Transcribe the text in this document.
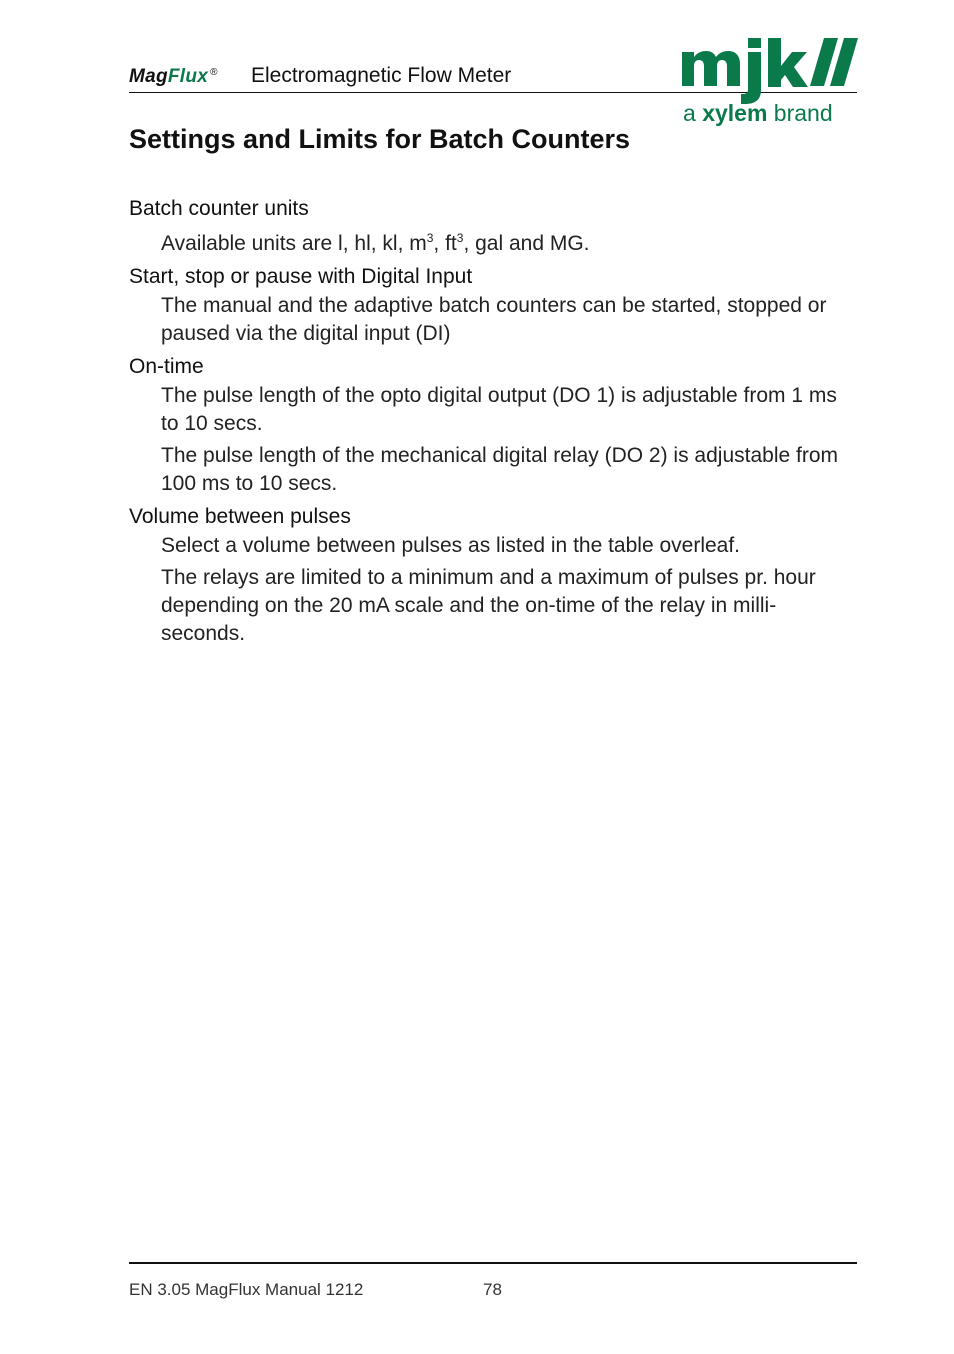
MagFlux ® Electromagnetic Flow Meter
a xylem brand
Settings and Limits for Batch Counters

Batch counter units

Available units are l, hl, kl, $m^3$, $ft^3$, gal and MG.

Start, stop or pause with Digital Input

The manual and the adaptive batch counters can be started, stopped or paused via the digital input (DI)

On-time

The pulse length of the opto digital output (DO 1) is adjustable from 1 ms to 10 secs.

The pulse length of the mechanical digital relay (DO 2) is adjustable from 100 ms to 10 secs.

Volume between pulses

Select a volume between pulses as listed in the table overleaf.

The relays are limited to a minimum and a maximum of pulses pr. hour depending on the 20 mA scale and the on-time of the relay in milli-seconds.

EN 3.05 MagFlux Manual 1212	78
